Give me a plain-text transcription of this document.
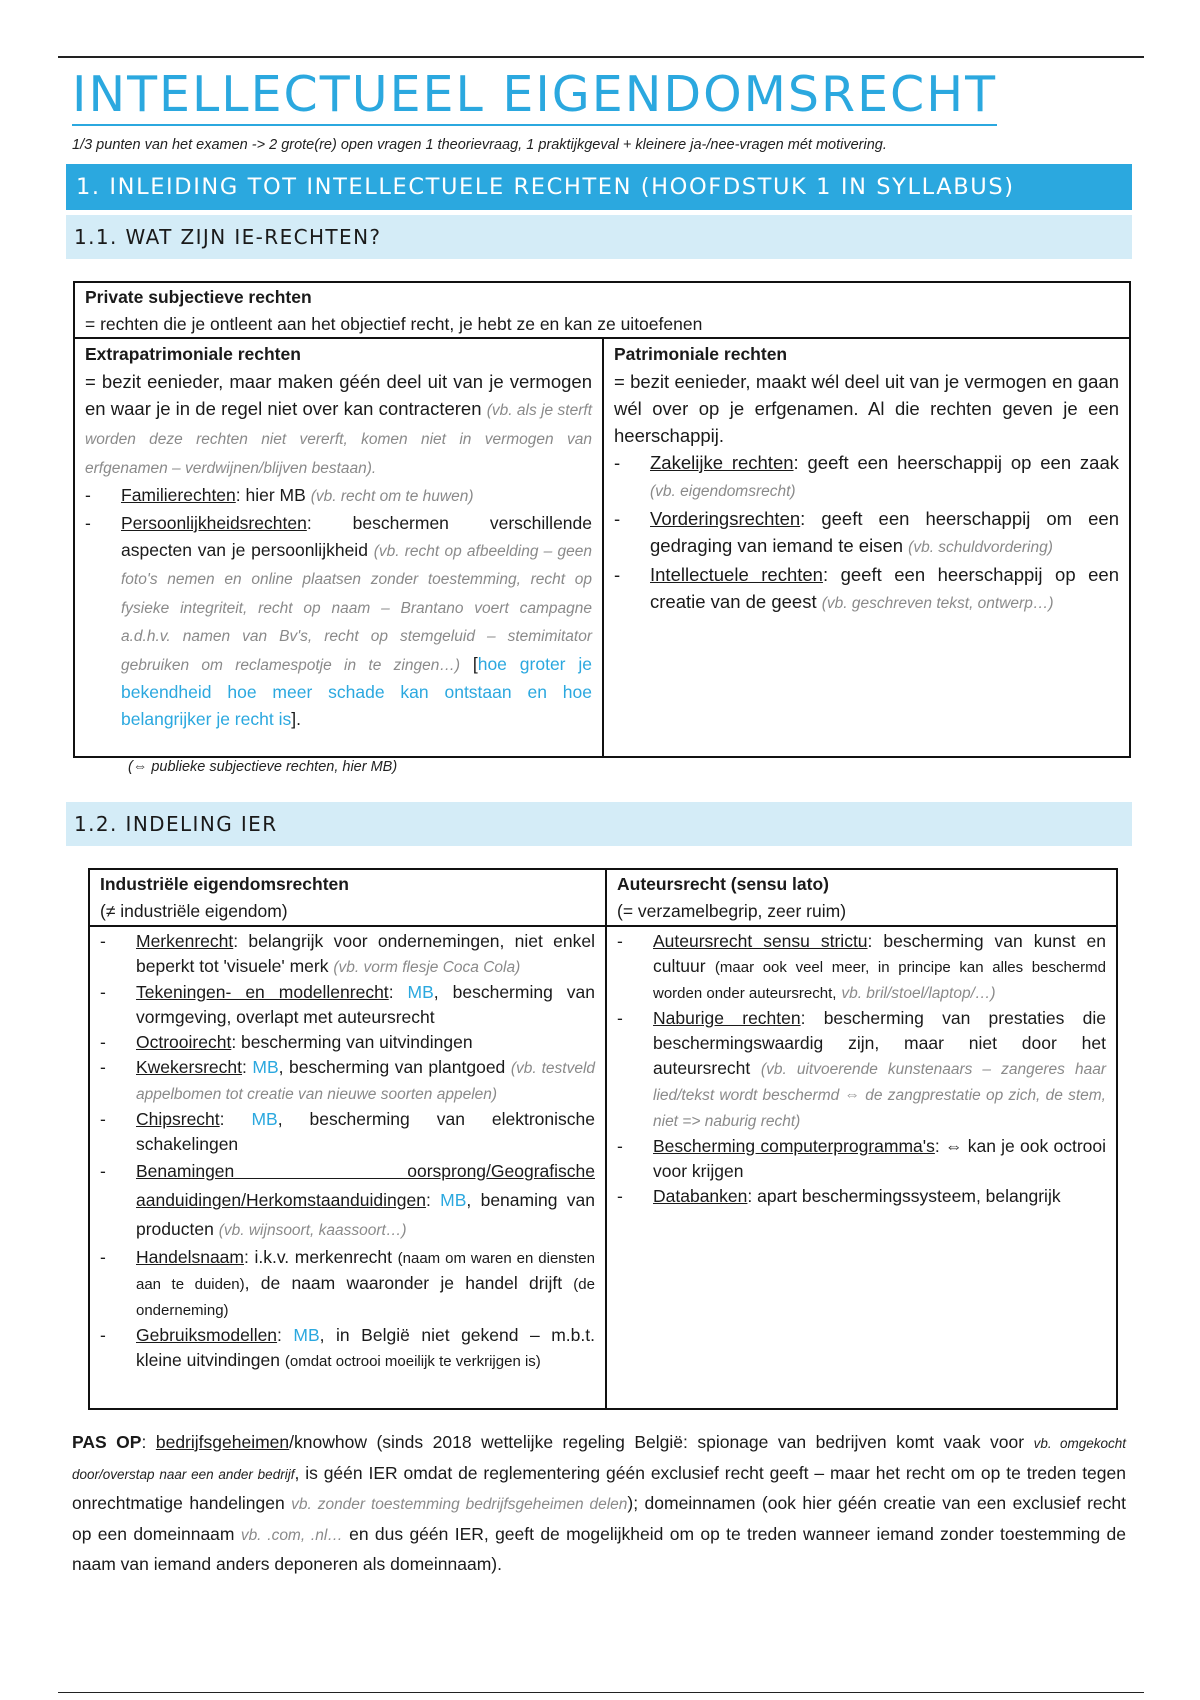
INTELLECTUEEL EIGENDOMSRECHT
1/3 punten van het examen -> 2 grote(re) open vragen 1 theorievraag, 1 praktijkgeval + kleinere ja-/nee-vragen mét motivering.
1. INLEIDING TOT INTELLECTUELE RECHTEN (HOOFDSTUK 1 IN SYLLABUS)
1.1. WAT ZIJN IE-RECHTEN?
Private subjectieve rechten
= rechten die je ontleent aan het objectief recht, je hebt ze en kan ze uitoefenen
Extrapatrimoniale rechten
= bezit eenieder, maar maken géén deel uit van je vermogen en waar je in de regel niet over kan contracteren (vb. als je sterft worden deze rechten niet vererft, komen niet in vermogen van erfgenamen – verdwijnen/blijven bestaan).
- Familierechten: hier MB (vb. recht om te huwen)
- Persoonlijkheidsrechten: beschermen verschillende aspecten van je persoonlijkheid (vb. recht op afbeelding – geen foto's nemen en online plaatsen zonder toestemming, recht op fysieke integriteit, recht op naam – Brantano voert campagne a.d.h.v. namen van Bv's, recht op stemgeluid – stemimitator gebruiken om reclamespotje in te zingen…) [hoe groter je bekendheid hoe meer schade kan ontstaan en hoe belangrijker je recht is].
Patrimoniale rechten
= bezit eenieder, maakt wél deel uit van je vermogen en gaan wél over op je erfgenamen. Al die rechten geven je een heerschappij.
- Zakelijke rechten: geeft een heerschappij op een zaak (vb. eigendomsrecht)
- Vorderingsrechten: geeft een heerschappij om een gedraging van iemand te eisen (vb. schuldvordering)
- Intellectuele rechten: geeft een heerschappij op een creatie van de geest (vb. geschreven tekst, ontwerp…)
(⇔ publieke subjectieve rechten, hier MB)
1.2. INDELING IER
Industriële eigendomsrechten
(≠ industriële eigendom)
Auteursrecht (sensu lato)
(= verzamelbegrip, zeer ruim)
- Merkenrecht: belangrijk voor ondernemingen, niet enkel beperkt tot 'visuele' merk (vb. vorm flesje Coca Cola)
- Tekeningen- en modellenrecht: MB, bescherming van vormgeving, overlapt met auteursrecht
- Octrooirecht: bescherming van uitvindingen
- Kwekersrecht: MB, bescherming van plantgoed (vb. testveld appelbomen tot creatie van nieuwe soorten appelen)
- Chipsrecht: MB, bescherming van elektronische schakelingen
- Benamingen oorsprong/Geografische aanduidingen/Herkomstaanduidingen: MB, benaming van producten (vb. wijnsoort, kaassoort…)
- Handelsnaam: i.k.v. merkenrecht (naam om waren en diensten aan te duiden), de naam waaronder je handel drijft (de onderneming)
- Gebruiksmodellen: MB, in België niet gekend – m.b.t. kleine uitvindingen (omdat octrooi moeilijk te verkrijgen is)
- Auteursrecht sensu strictu: bescherming van kunst en cultuur (maar ook veel meer, in principe kan alles beschermd worden onder auteursrecht, vb. bril/stoel/laptop/…)
- Naburige rechten: bescherming van prestaties die beschermingswaardig zijn, maar niet door het auteursrecht (vb. uitvoerende kunstenaars – zangeres haar lied/tekst wordt beschermd ⇔ de zangprestatie op zich, de stem, niet => naburig recht)
- Bescherming computerprogramma's: ⇔ kan je ook octrooi voor krijgen
- Databanken: apart beschermingssysteem, belangrijk
PAS OP: bedrijfsgeheimen/knowhow (sinds 2018 wettelijke regeling België: spionage van bedrijven komt vaak voor vb. omgekocht door/overstap naar een ander bedrijf, is géén IER omdat de reglementering géén exclusief recht geeft – maar het recht om op te treden tegen onrechtmatige handelingen vb. zonder toestemming bedrijfsgeheimen delen); domeinnamen (ook hier géén creatie van een exclusief recht op een domeinnaam vb. .com, .nl… en dus géén IER, geeft de mogelijkheid om op te treden wanneer iemand zonder toestemming de naam van iemand anders deponeren als domeinnaam).
